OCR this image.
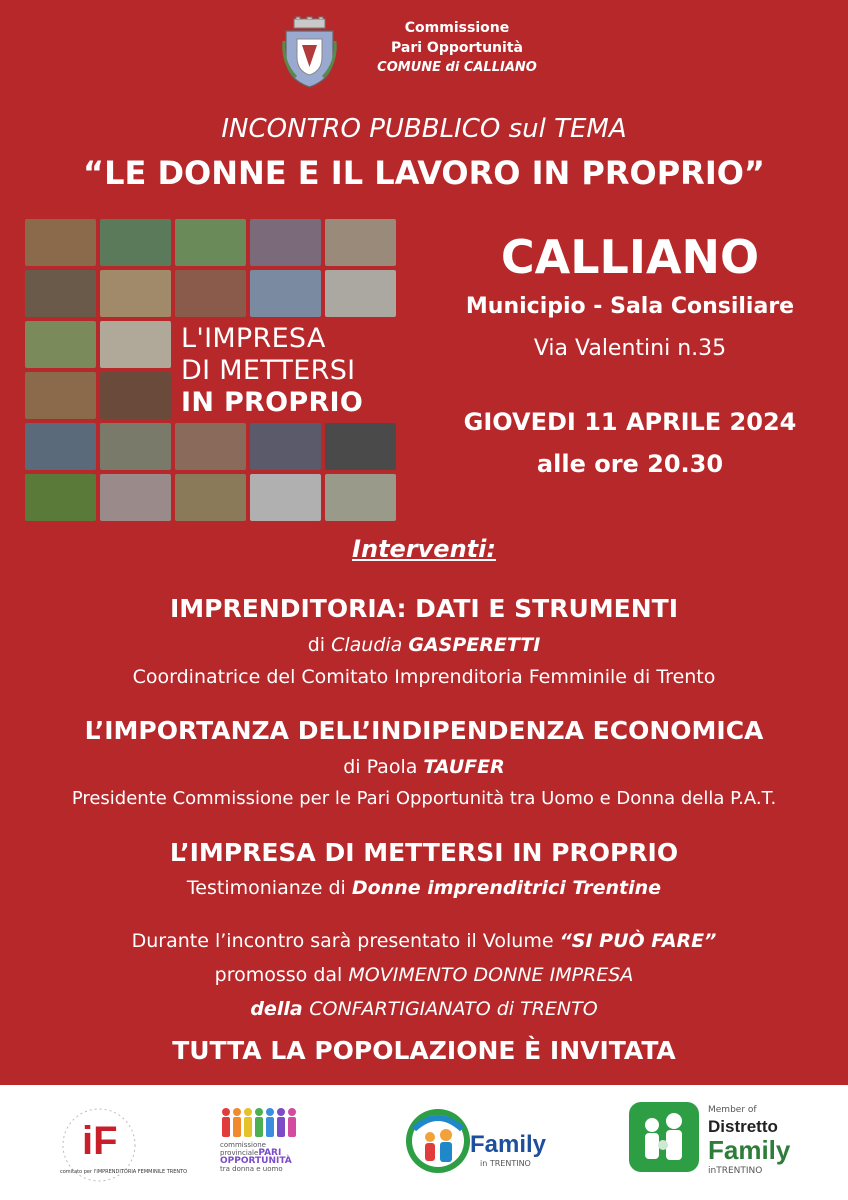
Commissione
Pari Opportunità
COMUNE di CALLIANO
INCONTRO PUBBLICO sul TEMA
“LE DONNE E IL LAVORO IN PROPRIO”
L'IMPRESA
DI METTERSI
IN PROPRIO
CALLIANO
Municipio - Sala Consiliare
Via Valentini n.35
GIOVEDI 11 APRILE 2024
alle ore 20.30
Interventi:
IMPRENDITORIA: DATI E STRUMENTI
di Claudia GASPERETTI
Coordinatrice del Comitato Imprenditoria Femminile di Trento
L’IMPORTANZA DELL’INDIPENDENZA ECONOMICA
di Paola TAUFER
Presidente Commissione per le Pari Opportunità tra Uomo e Donna della P.A.T.
L’IMPRESA DI METTERSI IN PROPRIO
Testimonianze di Donne imprenditrici Trentine
Durante l’incontro sarà presentato il Volume “SI PUÒ FARE”
promosso dal MOVIMENTO DONNE IMPRESA
della CONFARTIGIANATO di TRENTO
TUTTA LA POPOLAZIONE È INVITATA
iF
comitato per l'IMPRENDITORIA FEMMINILE TRENTO
commissione
provincialePARI
OPPORTUNITÀ
tra donna e uomo
Family
in TRENTINO
Member of
Distretto
Family
inTRENTINO
